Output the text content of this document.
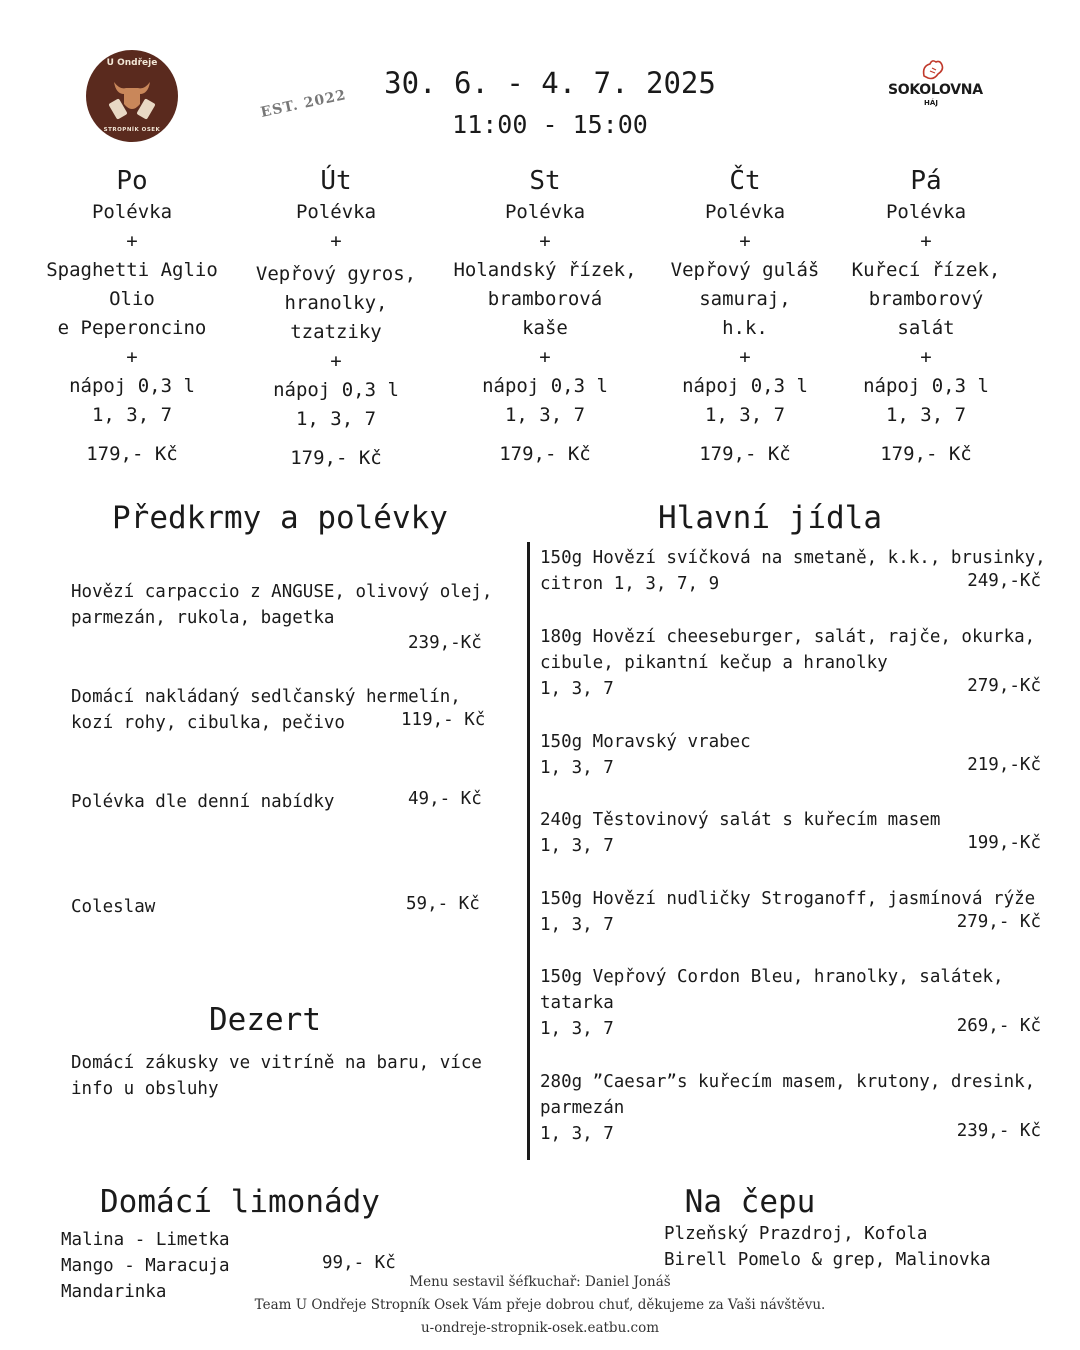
U Ondřeje
STROPNÍK OSEK
EST. 2022	SOKOLOVNA
HÁJ
30. 6. - 4. 7. 2025
11:00 - 15:00
Po
Polévka
+
Spaghetti Aglio
Olio
e Peperoncino
+
nápoj 0,3 l
1, 3, 7
179,- Kč
Út
Polévka
+
Vepřový gyros,
hranolky,
tzatziky
+
nápoj 0,3 l
1, 3, 7
179,- Kč
St
Polévka
+
Holandský řízek,
bramborová
kaše
+
nápoj 0,3 l
1, 3, 7
179,- Kč
Čt
Polévka
+
Vepřový guláš
samuraj,
h.k.
+
nápoj 0,3 l
1, 3, 7
179,- Kč
Pá
Polévka
+
Kuřecí řízek,
bramborový
salát
+
nápoj 0,3 l
1, 3, 7
179,- Kč
Předkrmy a polévky
Hovězí carpaccio z ANGUSE, olivový olej,
parmezán, rukola, bagetka
239,-Kč
Domácí nakládaný sedlčanský hermelín,
kozí rohy, cibulka, pečivo	119,- Kč
Polévka dle denní nabídky	49,- Kč
Coleslaw	59,- Kč
Dezert
Domácí zákusky ve vitríně na baru, více
info u obsluhy
Hlavní jídla
150g Hovězí svíčková na smetaně, k.k., brusinky,
citron 1, 3, 7, 9	249,-Kč
180g Hovězí cheeseburger, salát, rajče, okurka,
cibule, pikantní kečup a hranolky
1, 3, 7	279,-Kč
150g Moravský vrabec
1, 3, 7	219,-Kč
240g Těstovinový salát s kuřecím masem
1, 3, 7	199,-Kč
150g Hovězí nudličky Stroganoff, jasmínová rýže
1, 3, 7	279,- Kč
150g Vepřový Cordon Bleu, hranolky, salátek,
tatarka
1, 3, 7	269,- Kč
280g ”Caesar”s kuřecím masem, krutony, dresink,
parmezán
1, 3, 7	239,- Kč
Domácí limonády
Malina - Limetka
Mango - Maracuja
Mandarinka
99,- Kč
Na čepu
Plzeňský Prazdroj, Kofola
Birell Pomelo & grep, Malinovka
Menu sestavil šéfkuchař: Daniel Jonáš
Team U Ondřeje Stropník Osek Vám přeje dobrou chuť, děkujeme za Vaši návštěvu.
u-ondreje-stropnik-osek.eatbu.com
